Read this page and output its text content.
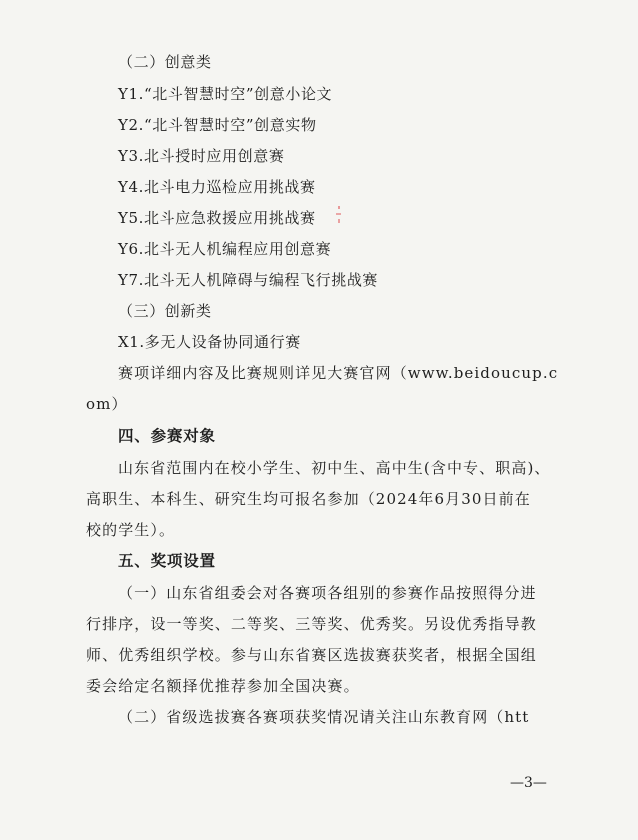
（二）创意类
Y1.“北斗智慧时空”创意小论文
Y2.“北斗智慧时空”创意实物
Y3.北斗授时应用创意赛
Y4.北斗电力巡检应用挑战赛
Y5.北斗应急救援应用挑战赛
Y6.北斗无人机编程应用创意赛
Y7.北斗无人机障碍与编程飞行挑战赛
（三）创新类
X1.多无人设备协同通行赛
赛项详细内容及比赛规则详见大赛官网（www.beidoucup.c
om）
四、参赛对象
山东省范围内在校小学生、初中生、高中生(含中专、职高)、
高职生、本科生、研究生均可报名参加（2024年6月30日前在
校的学生）。
五、奖项设置
（一）山东省组委会对各赛项各组别的参赛作品按照得分进
行排序，设一等奖、二等奖、三等奖、优秀奖。另设优秀指导教
师、优秀组织学校。参与山东省赛区选拔赛获奖者，根据全国组
委会给定名额择优推荐参加全国决赛。
（二）省级选拔赛各赛项获奖情况请关注山东教育网（htt
—3—
